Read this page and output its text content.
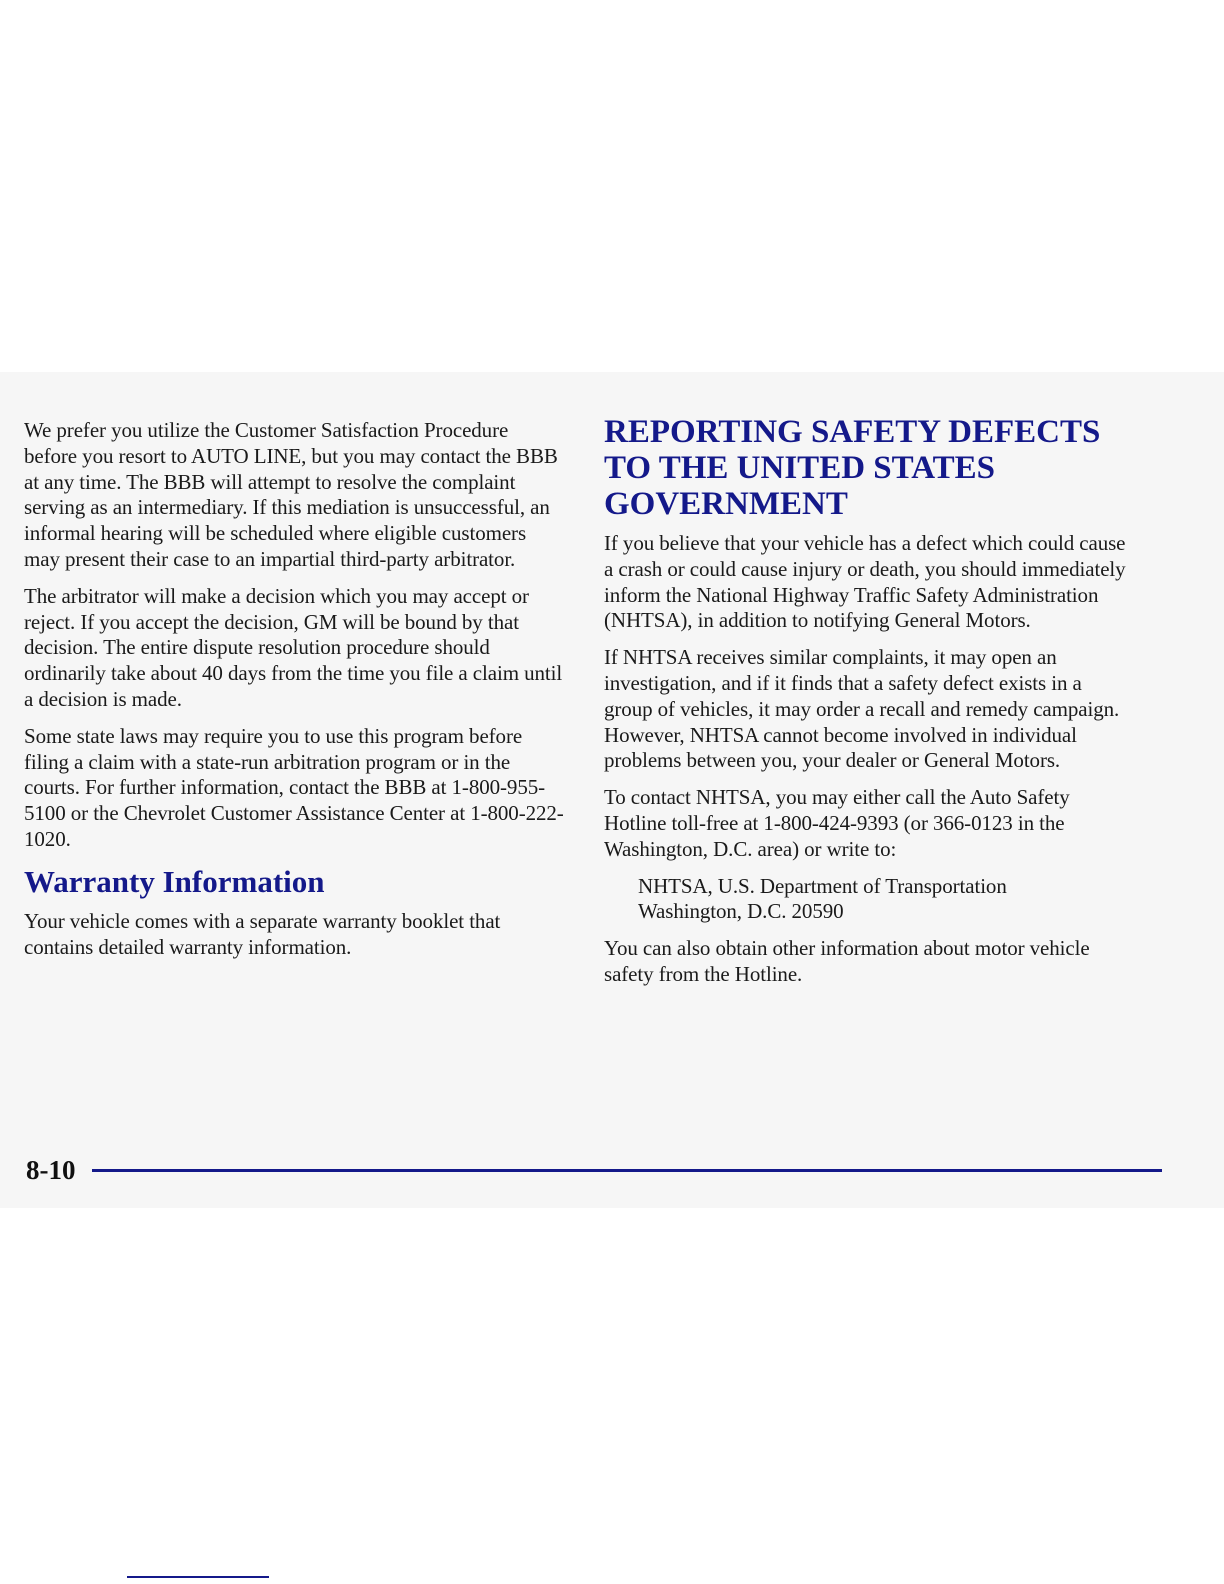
We prefer you utilize the Customer Satisfaction Procedure before you resort to AUTO LINE, but you may contact the BBB at any time. The BBB will attempt to resolve the complaint serving as an intermediary. If this mediation is unsuccessful, an informal hearing will be scheduled where eligible customers may present their case to an impartial third-party arbitrator.

The arbitrator will make a decision which you may accept or reject. If you accept the decision, GM will be bound by that decision. The entire dispute resolution procedure should ordinarily take about 40 days from the time you file a claim until a decision is made.

Some state laws may require you to use this program before filing a claim with a state-run arbitration program or in the courts. For further information, contact the BBB at 1-800-955-5100 or the Chevrolet Customer Assistance Center at 1-800-222-1020.

Warranty Information

Your vehicle comes with a separate warranty booklet that contains detailed warranty information.

REPORTING SAFETY DEFECTS TO THE UNITED STATES GOVERNMENT

If you believe that your vehicle has a defect which could cause a crash or could cause injury or death, you should immediately inform the National Highway Traffic Safety Administration (NHTSA), in addition to notifying General Motors.

If NHTSA receives similar complaints, it may open an investigation, and if it finds that a safety defect exists in a group of vehicles, it may order a recall and remedy campaign. However, NHTSA cannot become involved in individual problems between you, your dealer or General Motors.

To contact NHTSA, you may either call the Auto Safety Hotline toll-free at 1-800-424-9393 (or 366-0123 in the Washington, D.C. area) or write to:

NHTSA, U.S. Department of Transportation

Washington, D.C. 20590

You can also obtain other information about motor vehicle safety from the Hotline.

8-10
